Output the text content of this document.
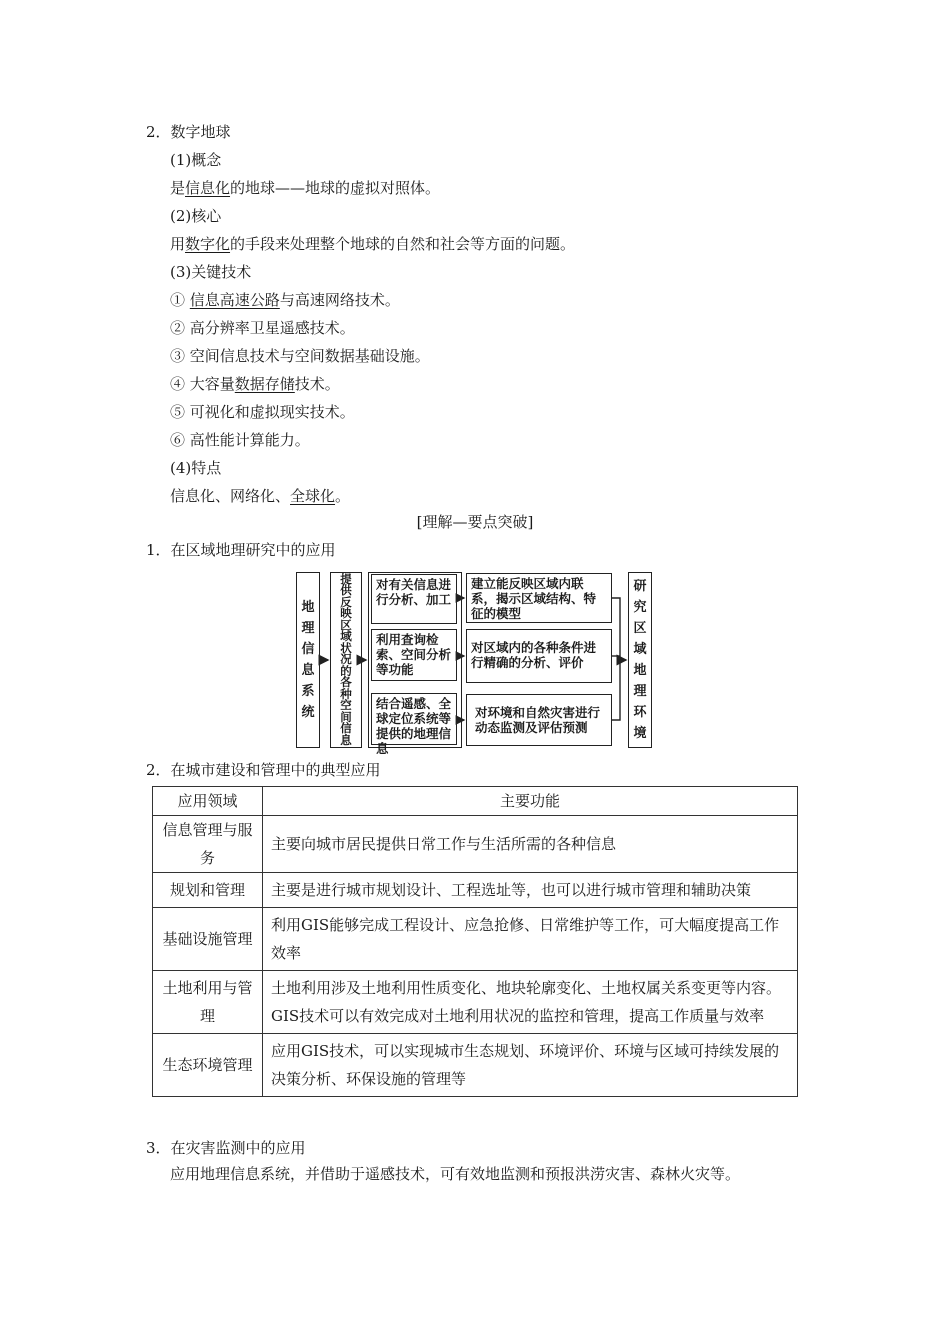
2．数字地球
(1)概念
是信息化的地球——地球的虚拟对照体。
(2)核心
用数字化的手段来处理整个地球的自然和社会等方面的问题。
(3)关键技术
① 信息高速公路与高速网络技术。
② 高分辨率卫星遥感技术。
③ 空间信息技术与空间数据基础设施。
④ 大容量数据存储技术。
⑤ 可视化和虚拟现实技术。
⑥ 高性能计算能力。
(4)特点
信息化、网络化、全球化。
[理解—要点突破]
1．在区域地理研究中的应用
地
理
信
息
系
统
提
供
反
映
区
域
状
况
的
各
种
空
间
信
息
对有关信息进行分析、加工
利用查询检索、空间分析等功能
结合遥感、全球定位系统等提供的地理信息
建立能反映区域内联系，揭示区域结构、特征的模型
对区域内的各种条件进行精确的分析、评价
对环境和自然灾害进行动态监测及评估预测
研
究
区
域
地
理
环
境
2．在城市建设和管理中的典型应用
应用领域	主要功能
信息管理与服务	主要向城市居民提供日常工作与生活所需的各种信息
规划和管理	主要是进行城市规划设计、工程选址等，也可以进行城市管理和辅助决策
基础设施管理	利用GIS能够完成工程设计、应急抢修、日常维护等工作，可大幅度提高工作效率
土地利用与管理	土地利用涉及土地利用性质变化、地块轮廓变化、土地权属关系变更等内容。GIS技术可以有效完成对土地利用状况的监控和管理，提高工作质量与效率
生态环境管理	应用GIS技术，可以实现城市生态规划、环境评价、环境与区域可持续发展的决策分析、环保设施的管理等
3．在灾害监测中的应用
应用地理信息系统，并借助于遥感技术，可有效地监测和预报洪涝灾害、森林火灾等。
